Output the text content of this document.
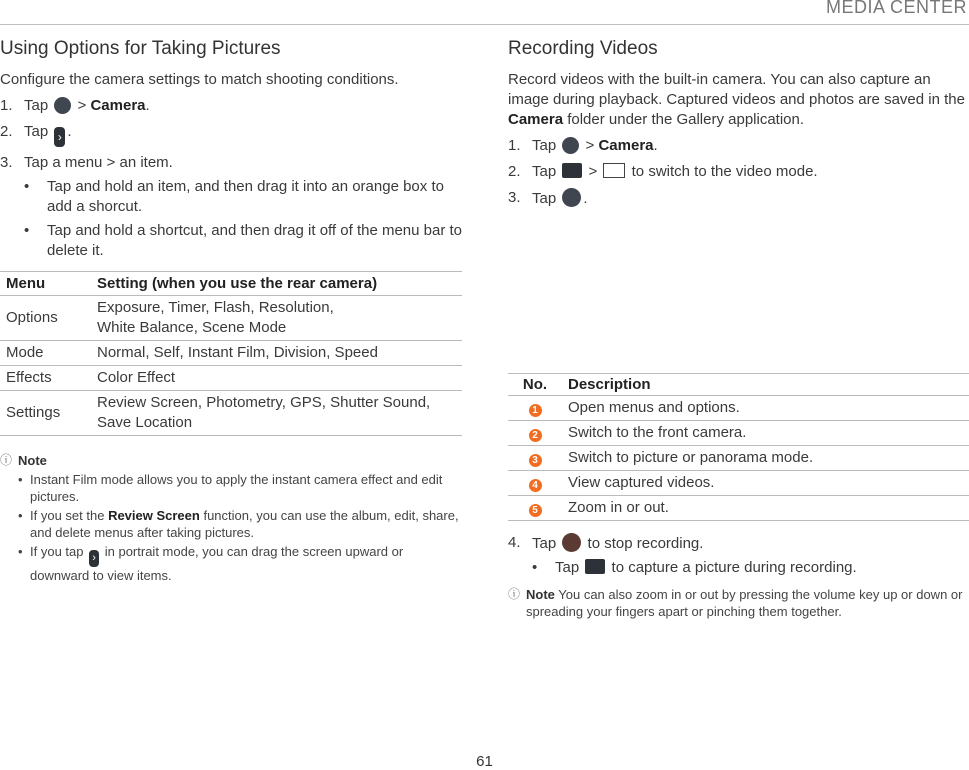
MEDIA CENTER
Using Options for Taking Pictures

Configure the camera settings to match shooting conditions.

1. Tap > Camera.
2. Tap › .
3. Tap a menu > an item.
• Tap and hold an item, and then drag it into an orange box to add a shorcut.
• Tap and hold a shortcut, and then drag it off of the menu bar to delete it.
Menu	Setting (when you use the rear camera)
Options	Exposure, Timer, Flash, Resolution,
White Balance, Scene Mode
Mode	Normal, Self, Instant Film, Division, Speed
Effects	Color Effect
Settings	Review Screen, Photometry, GPS, Shutter Sound,
Save Location
ⓘ Note
• Instant Film mode allows you to apply the instant camera effect and edit pictures.
• If you set the Review Screen function, you can use the album, edit, share, and delete menus after taking pictures.
• If you tap › in portrait mode, you can drag the screen upward or downward to view items.
Recording Videos

Record videos with the built-in camera. You can also capture an image during playback. Captured videos and photos are saved in the Camera folder under the Gallery application.

1. Tap > Camera.
2. Tap > to switch to the video mode.
3. Tap .
No.	Description
1	Open menus and options.
2	Switch to the front camera.
3	Switch to picture or panorama mode.
4	View captured videos.
5	Zoom in or out.
4. Tap to stop recording.
• Tap to capture a picture during recording.
ⓘ Note You can also zoom in or out by pressing the volume key up or down or spreading your fingers apart or pinching them together.
61
